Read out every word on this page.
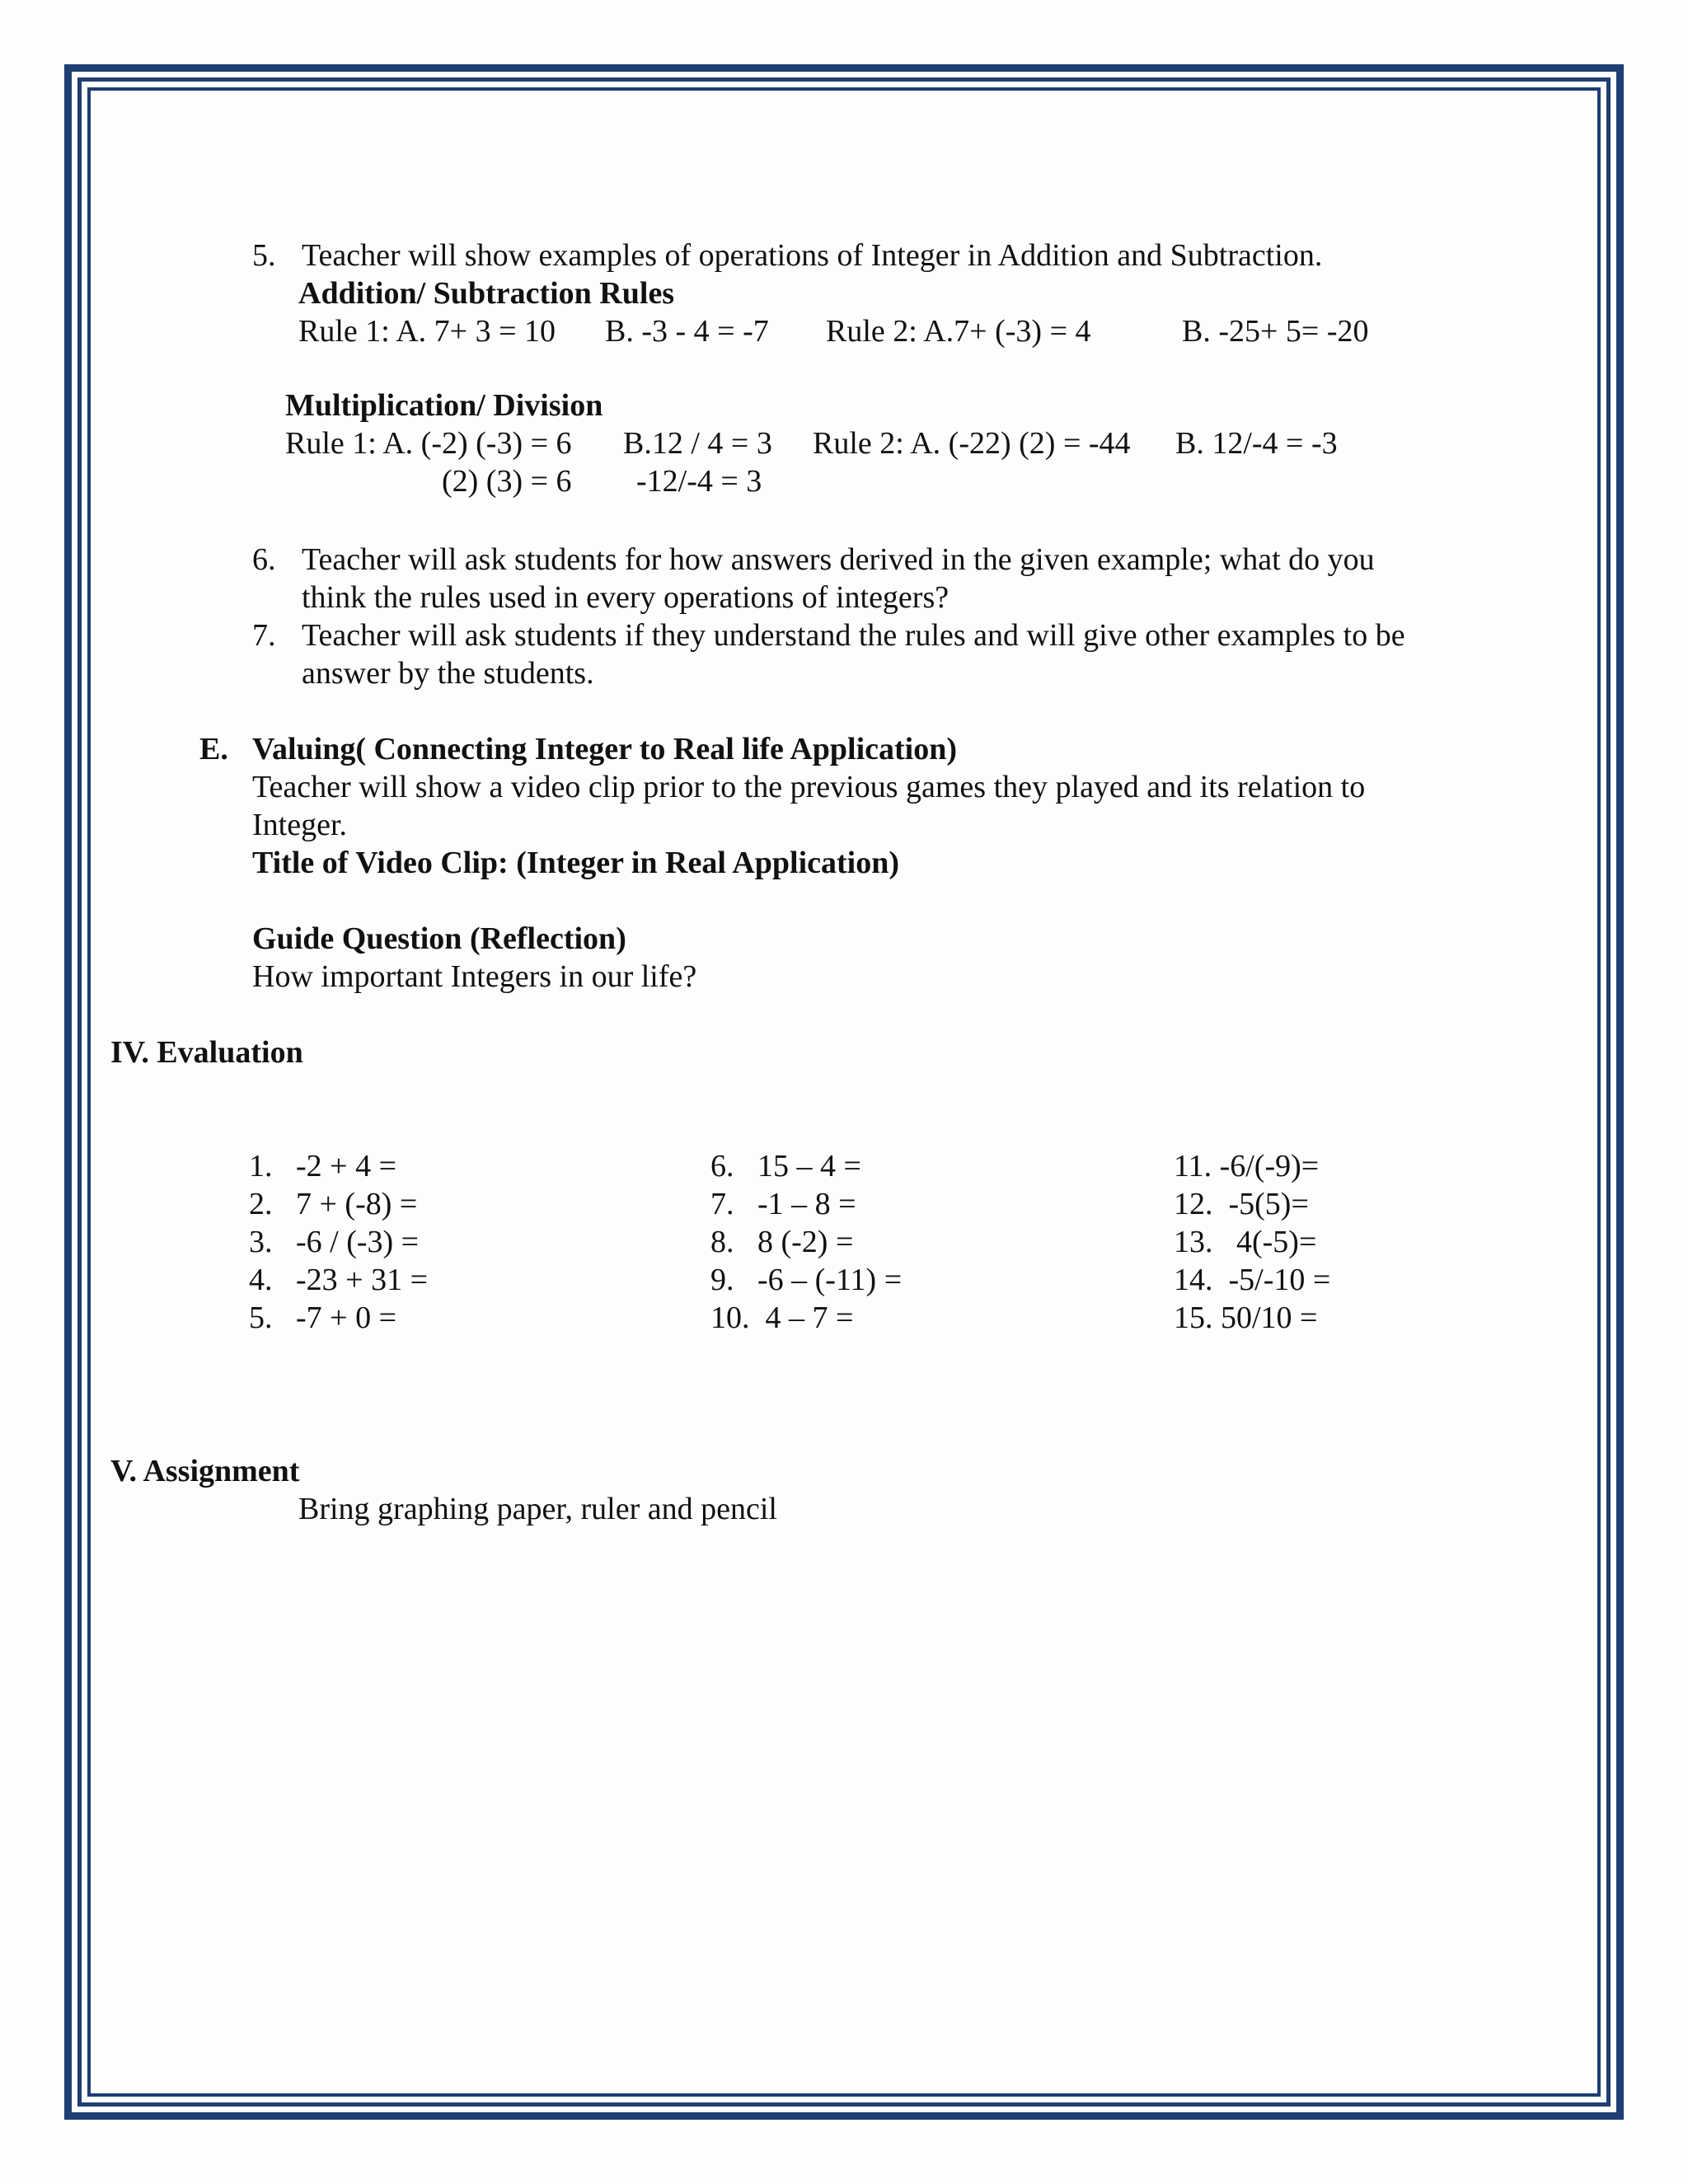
5. Teacher will show examples of operations of Integer in Addition and Subtraction.
Addition/ Subtraction Rules
Rule 1: A. 7+ 3 = 10 B. -3 - 4 = -7 Rule 2: A.7+ (-3) = 4	B. -25+ 5= -20
Multiplication/ Division
Rule 1: A. (-2) (-3) = 6 B.12 / 4 = 3 Rule 2: A. (-22) (2) = -44 B. 12/-4 = -3
(2) (3) = 6 -12/-4 = 3
6. Teacher will ask students for how answers derived in the given example; what do you
think the rules used in every operations of integers?
7. Teacher will ask students if they understand the rules and will give other examples to be
answer by the students.
E. Valuing( Connecting Integer to Real life Application)
Teacher will show a video clip prior to the previous games they played and its relation to
Integer.
Title of Video Clip: (Integer in Real Application)
Guide Question (Reflection)
How important Integers in our life?
IV. Evaluation
1.   -2 + 4 =
2.   7 + (-8) =
3.   -6 / (-3) =
4.   -23 + 31 =
5.   -7 + 0 =
6.   15 – 4 =
7.   -1 – 8 =
8.   8 (-2) =
9.   -6 – (-11) =
10.  4 – 7 =
11. -6/(-9)=
12.  -5(5)=
13.   4(-5)=
14.  -5/-10 =
15. 50/10 =
V. Assignment
Bring graphing paper, ruler and pencil
